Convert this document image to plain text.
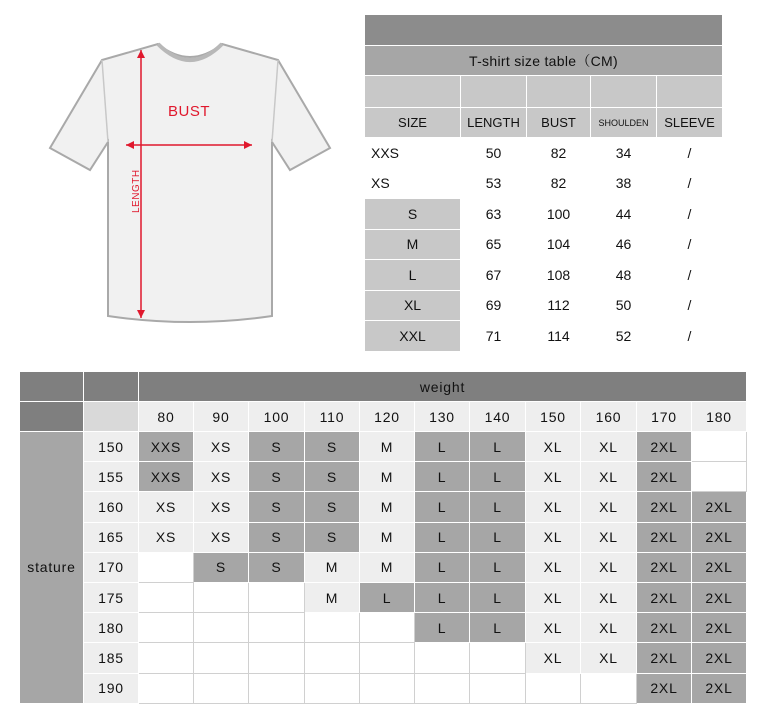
BUST
LENGTH

T-shirt size table（CM)				

SIZE	LENGTH	BUST	SHOULDEN	SLEEVE
XXS	50	82	34	/
XS	53	82	38	/
S	63	100	44	/
M	65	104	46	/
L	67	108	48	/
XL	69	112	50	/
XXL	71	114	52	/
		weight										
		80	90	100	110	120	130	140	150	160	170	180
stature	150	XXS	XS	S	S	M	L	L	XL	XL	2XL	
	155	XXS	XS	S	S	M	L	L	XL	XL	2XL	
	160	XS	XS	S	S	M	L	L	XL	XL	2XL	2XL
	165	XS	XS	S	S	M	L	L	XL	XL	2XL	2XL
	170		S	S	M	M	L	L	XL	XL	2XL	2XL
	175				M	L	L	L	XL	XL	2XL	2XL
	180						L	L	XL	XL	2XL	2XL
	185								XL	XL	2XL	2XL
	190										2XL	2XL
